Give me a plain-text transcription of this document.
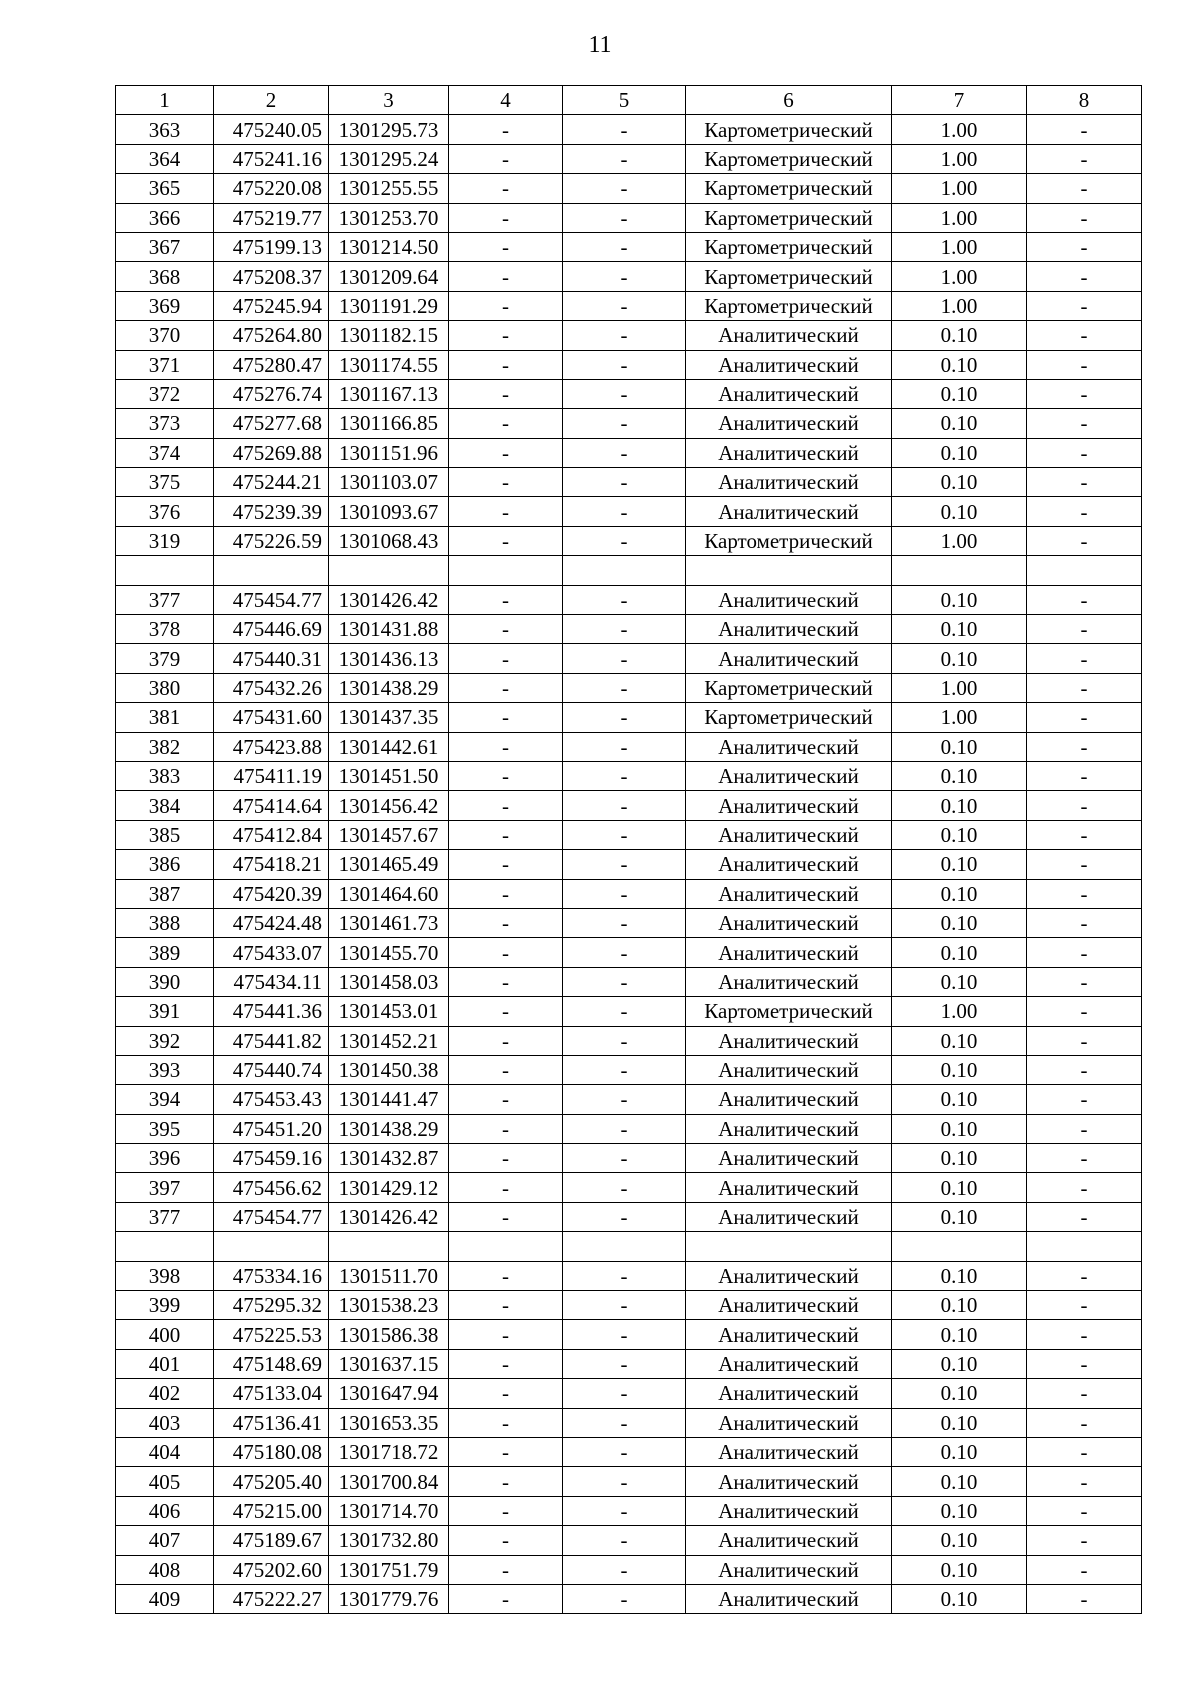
11
1	2	3	4	5	6	7	8
363	475240.05	1301295.73	-	-	Картометрический	1.00	-
364	475241.16	1301295.24	-	-	Картометрический	1.00	-
365	475220.08	1301255.55	-	-	Картометрический	1.00	-
366	475219.77	1301253.70	-	-	Картометрический	1.00	-
367	475199.13	1301214.50	-	-	Картометрический	1.00	-
368	475208.37	1301209.64	-	-	Картометрический	1.00	-
369	475245.94	1301191.29	-	-	Картометрический	1.00	-
370	475264.80	1301182.15	-	-	Аналитический	0.10	-
371	475280.47	1301174.55	-	-	Аналитический	0.10	-
372	475276.74	1301167.13	-	-	Аналитический	0.10	-
373	475277.68	1301166.85	-	-	Аналитический	0.10	-
374	475269.88	1301151.96	-	-	Аналитический	0.10	-
375	475244.21	1301103.07	-	-	Аналитический	0.10	-
376	475239.39	1301093.67	-	-	Аналитический	0.10	-
319	475226.59	1301068.43	-	-	Картометрический	1.00	-

377	475454.77	1301426.42	-	-	Аналитический	0.10	-
378	475446.69	1301431.88	-	-	Аналитический	0.10	-
379	475440.31	1301436.13	-	-	Аналитический	0.10	-
380	475432.26	1301438.29	-	-	Картометрический	1.00	-
381	475431.60	1301437.35	-	-	Картометрический	1.00	-
382	475423.88	1301442.61	-	-	Аналитический	0.10	-
383	475411.19	1301451.50	-	-	Аналитический	0.10	-
384	475414.64	1301456.42	-	-	Аналитический	0.10	-
385	475412.84	1301457.67	-	-	Аналитический	0.10	-
386	475418.21	1301465.49	-	-	Аналитический	0.10	-
387	475420.39	1301464.60	-	-	Аналитический	0.10	-
388	475424.48	1301461.73	-	-	Аналитический	0.10	-
389	475433.07	1301455.70	-	-	Аналитический	0.10	-
390	475434.11	1301458.03	-	-	Аналитический	0.10	-
391	475441.36	1301453.01	-	-	Картометрический	1.00	-
392	475441.82	1301452.21	-	-	Аналитический	0.10	-
393	475440.74	1301450.38	-	-	Аналитический	0.10	-
394	475453.43	1301441.47	-	-	Аналитический	0.10	-
395	475451.20	1301438.29	-	-	Аналитический	0.10	-
396	475459.16	1301432.87	-	-	Аналитический	0.10	-
397	475456.62	1301429.12	-	-	Аналитический	0.10	-
377	475454.77	1301426.42	-	-	Аналитический	0.10	-

398	475334.16	1301511.70	-	-	Аналитический	0.10	-
399	475295.32	1301538.23	-	-	Аналитический	0.10	-
400	475225.53	1301586.38	-	-	Аналитический	0.10	-
401	475148.69	1301637.15	-	-	Аналитический	0.10	-
402	475133.04	1301647.94	-	-	Аналитический	0.10	-
403	475136.41	1301653.35	-	-	Аналитический	0.10	-
404	475180.08	1301718.72	-	-	Аналитический	0.10	-
405	475205.40	1301700.84	-	-	Аналитический	0.10	-
406	475215.00	1301714.70	-	-	Аналитический	0.10	-
407	475189.67	1301732.80	-	-	Аналитический	0.10	-
408	475202.60	1301751.79	-	-	Аналитический	0.10	-
409	475222.27	1301779.76	-	-	Аналитический	0.10	-
